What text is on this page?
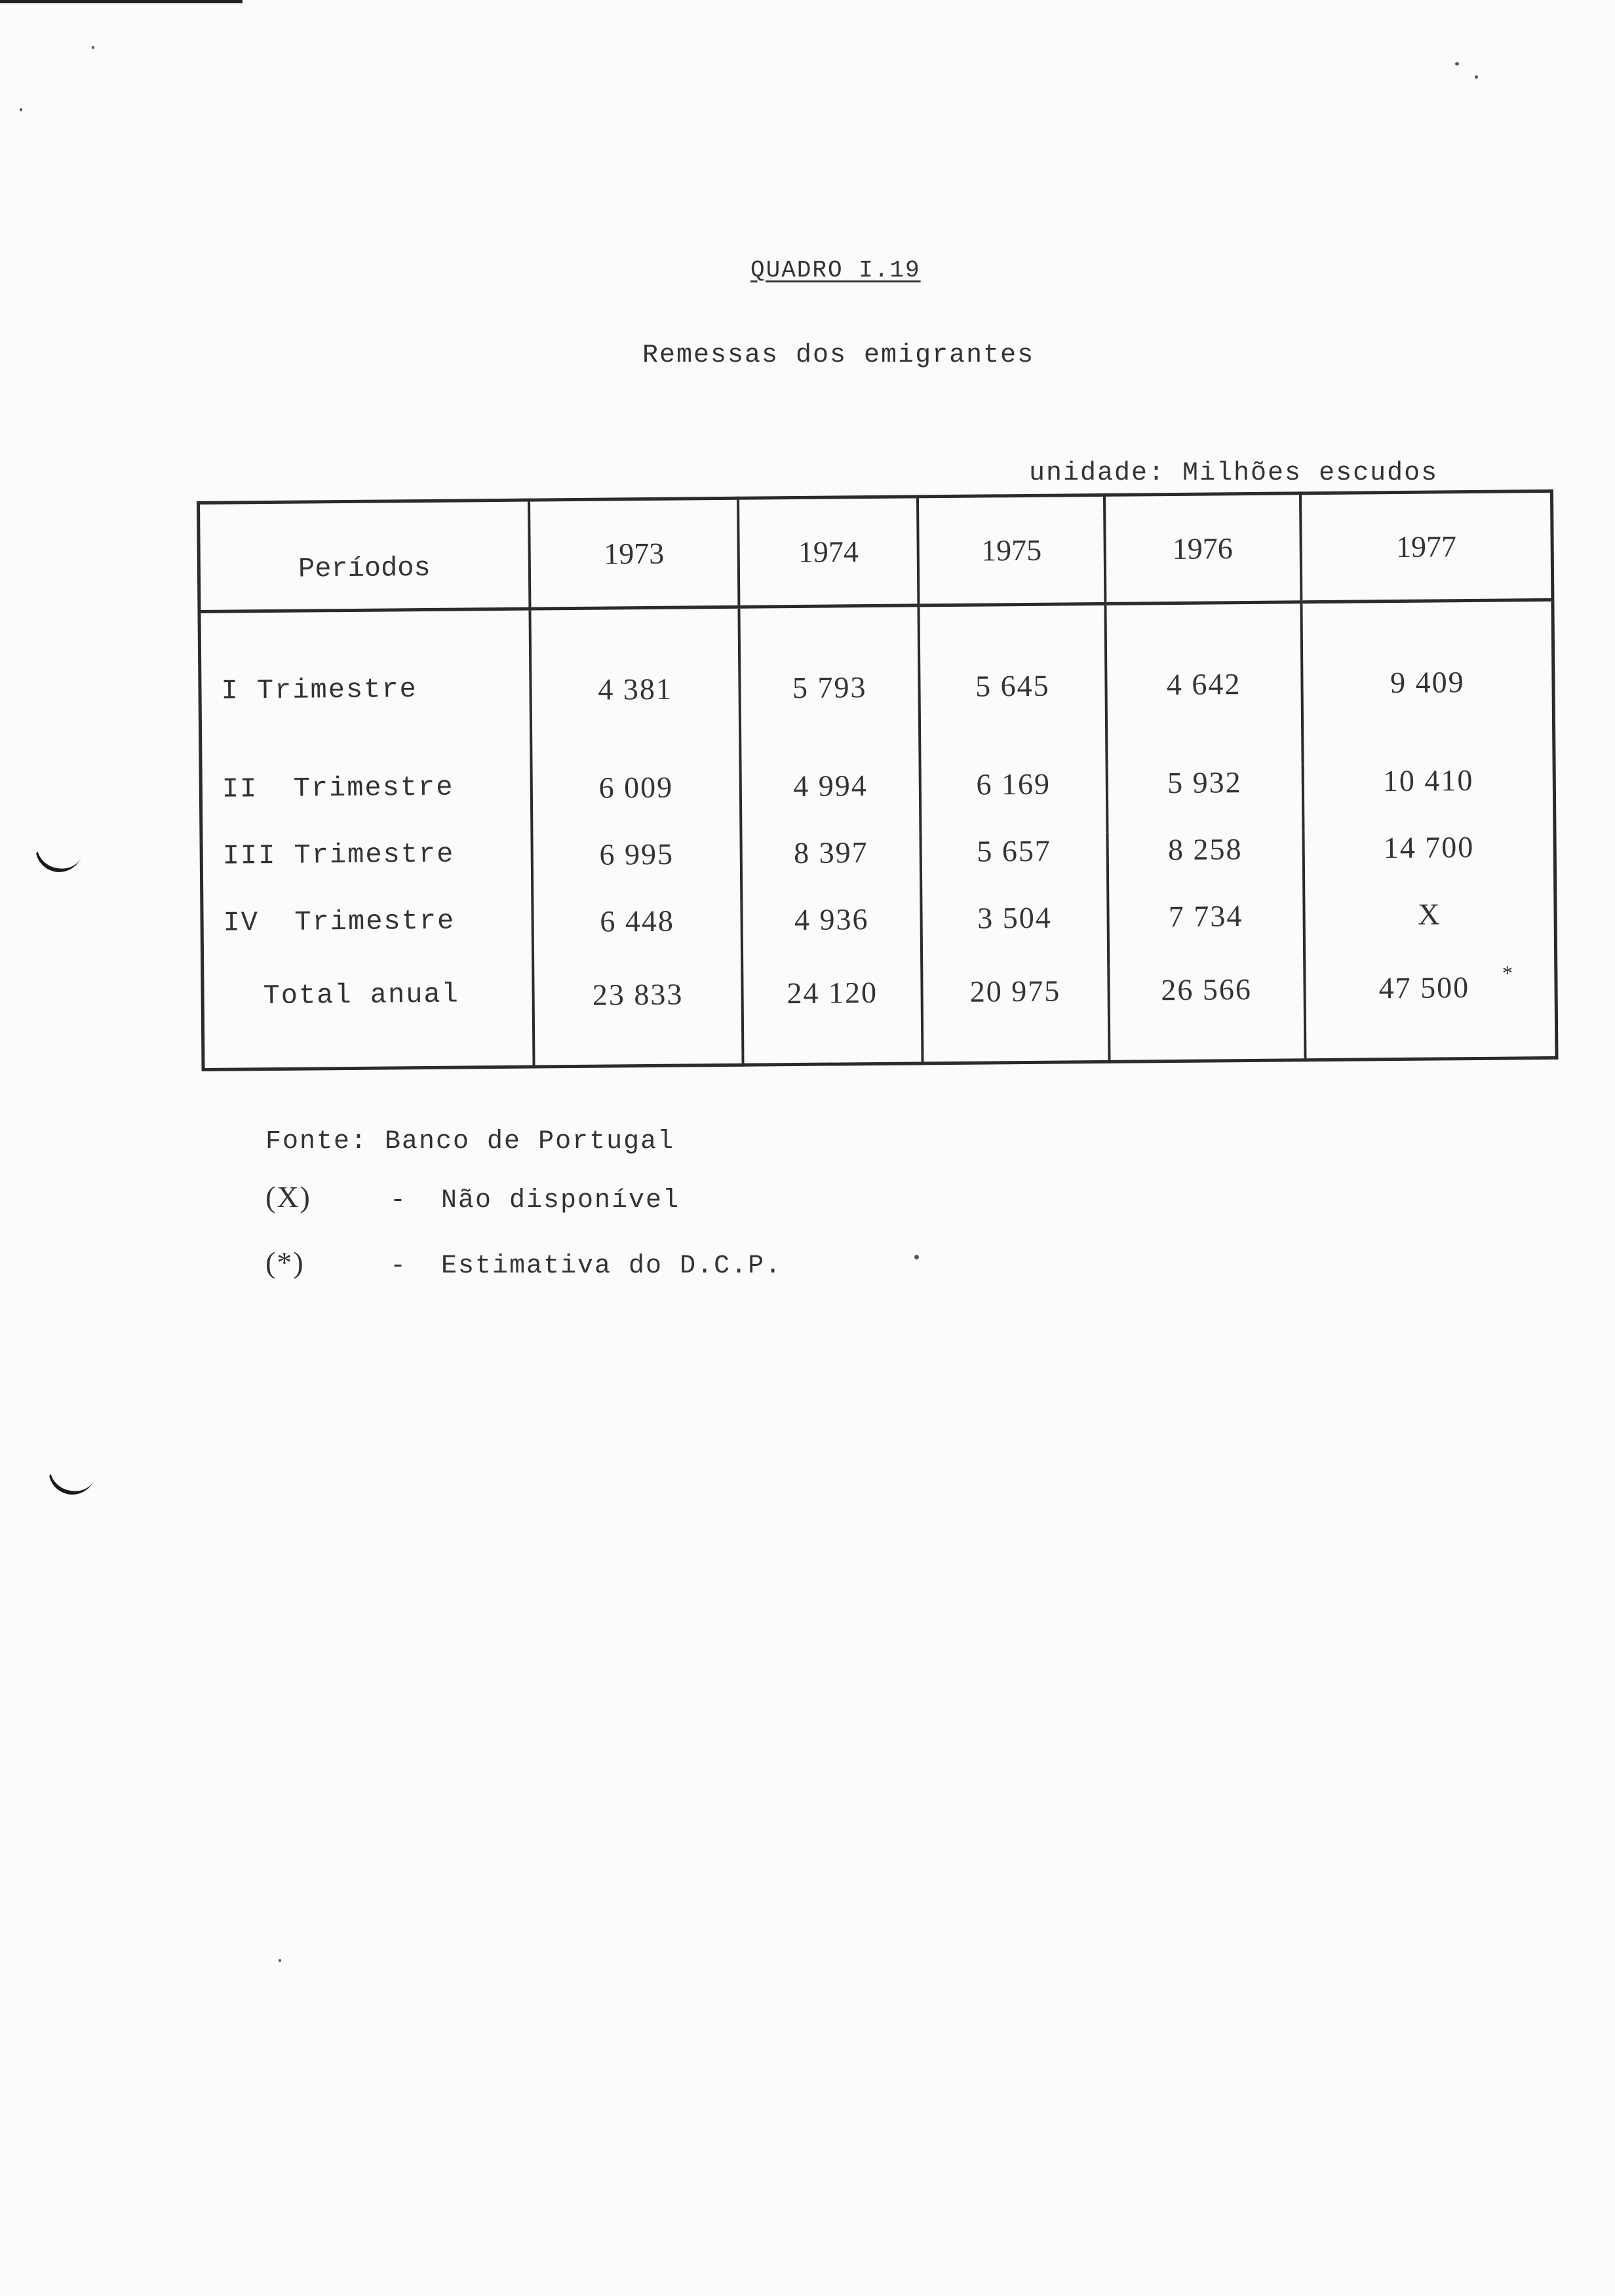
QUADRO I.19
Remessas dos emigrantes
unidade: Milhões escudos
Períodos	1973	1974	1975	1976	1977
I Trimestre	4 381	5 793	5 645	4 642	9 409
II  Trimestre	6 009	4 994	6 169	5 932	10 410
III Trimestre	6 995	8 397	5 657	8 258	14 700
IV  Trimestre	6 448	4 936	3 504	7 734	X
Total anual	23 833	24 120	20 975	26 566	47 500 *

Fonte: Banco de Portugal
(X)	-  Não disponível
(*)	-  Estimativa do D.C.P.
